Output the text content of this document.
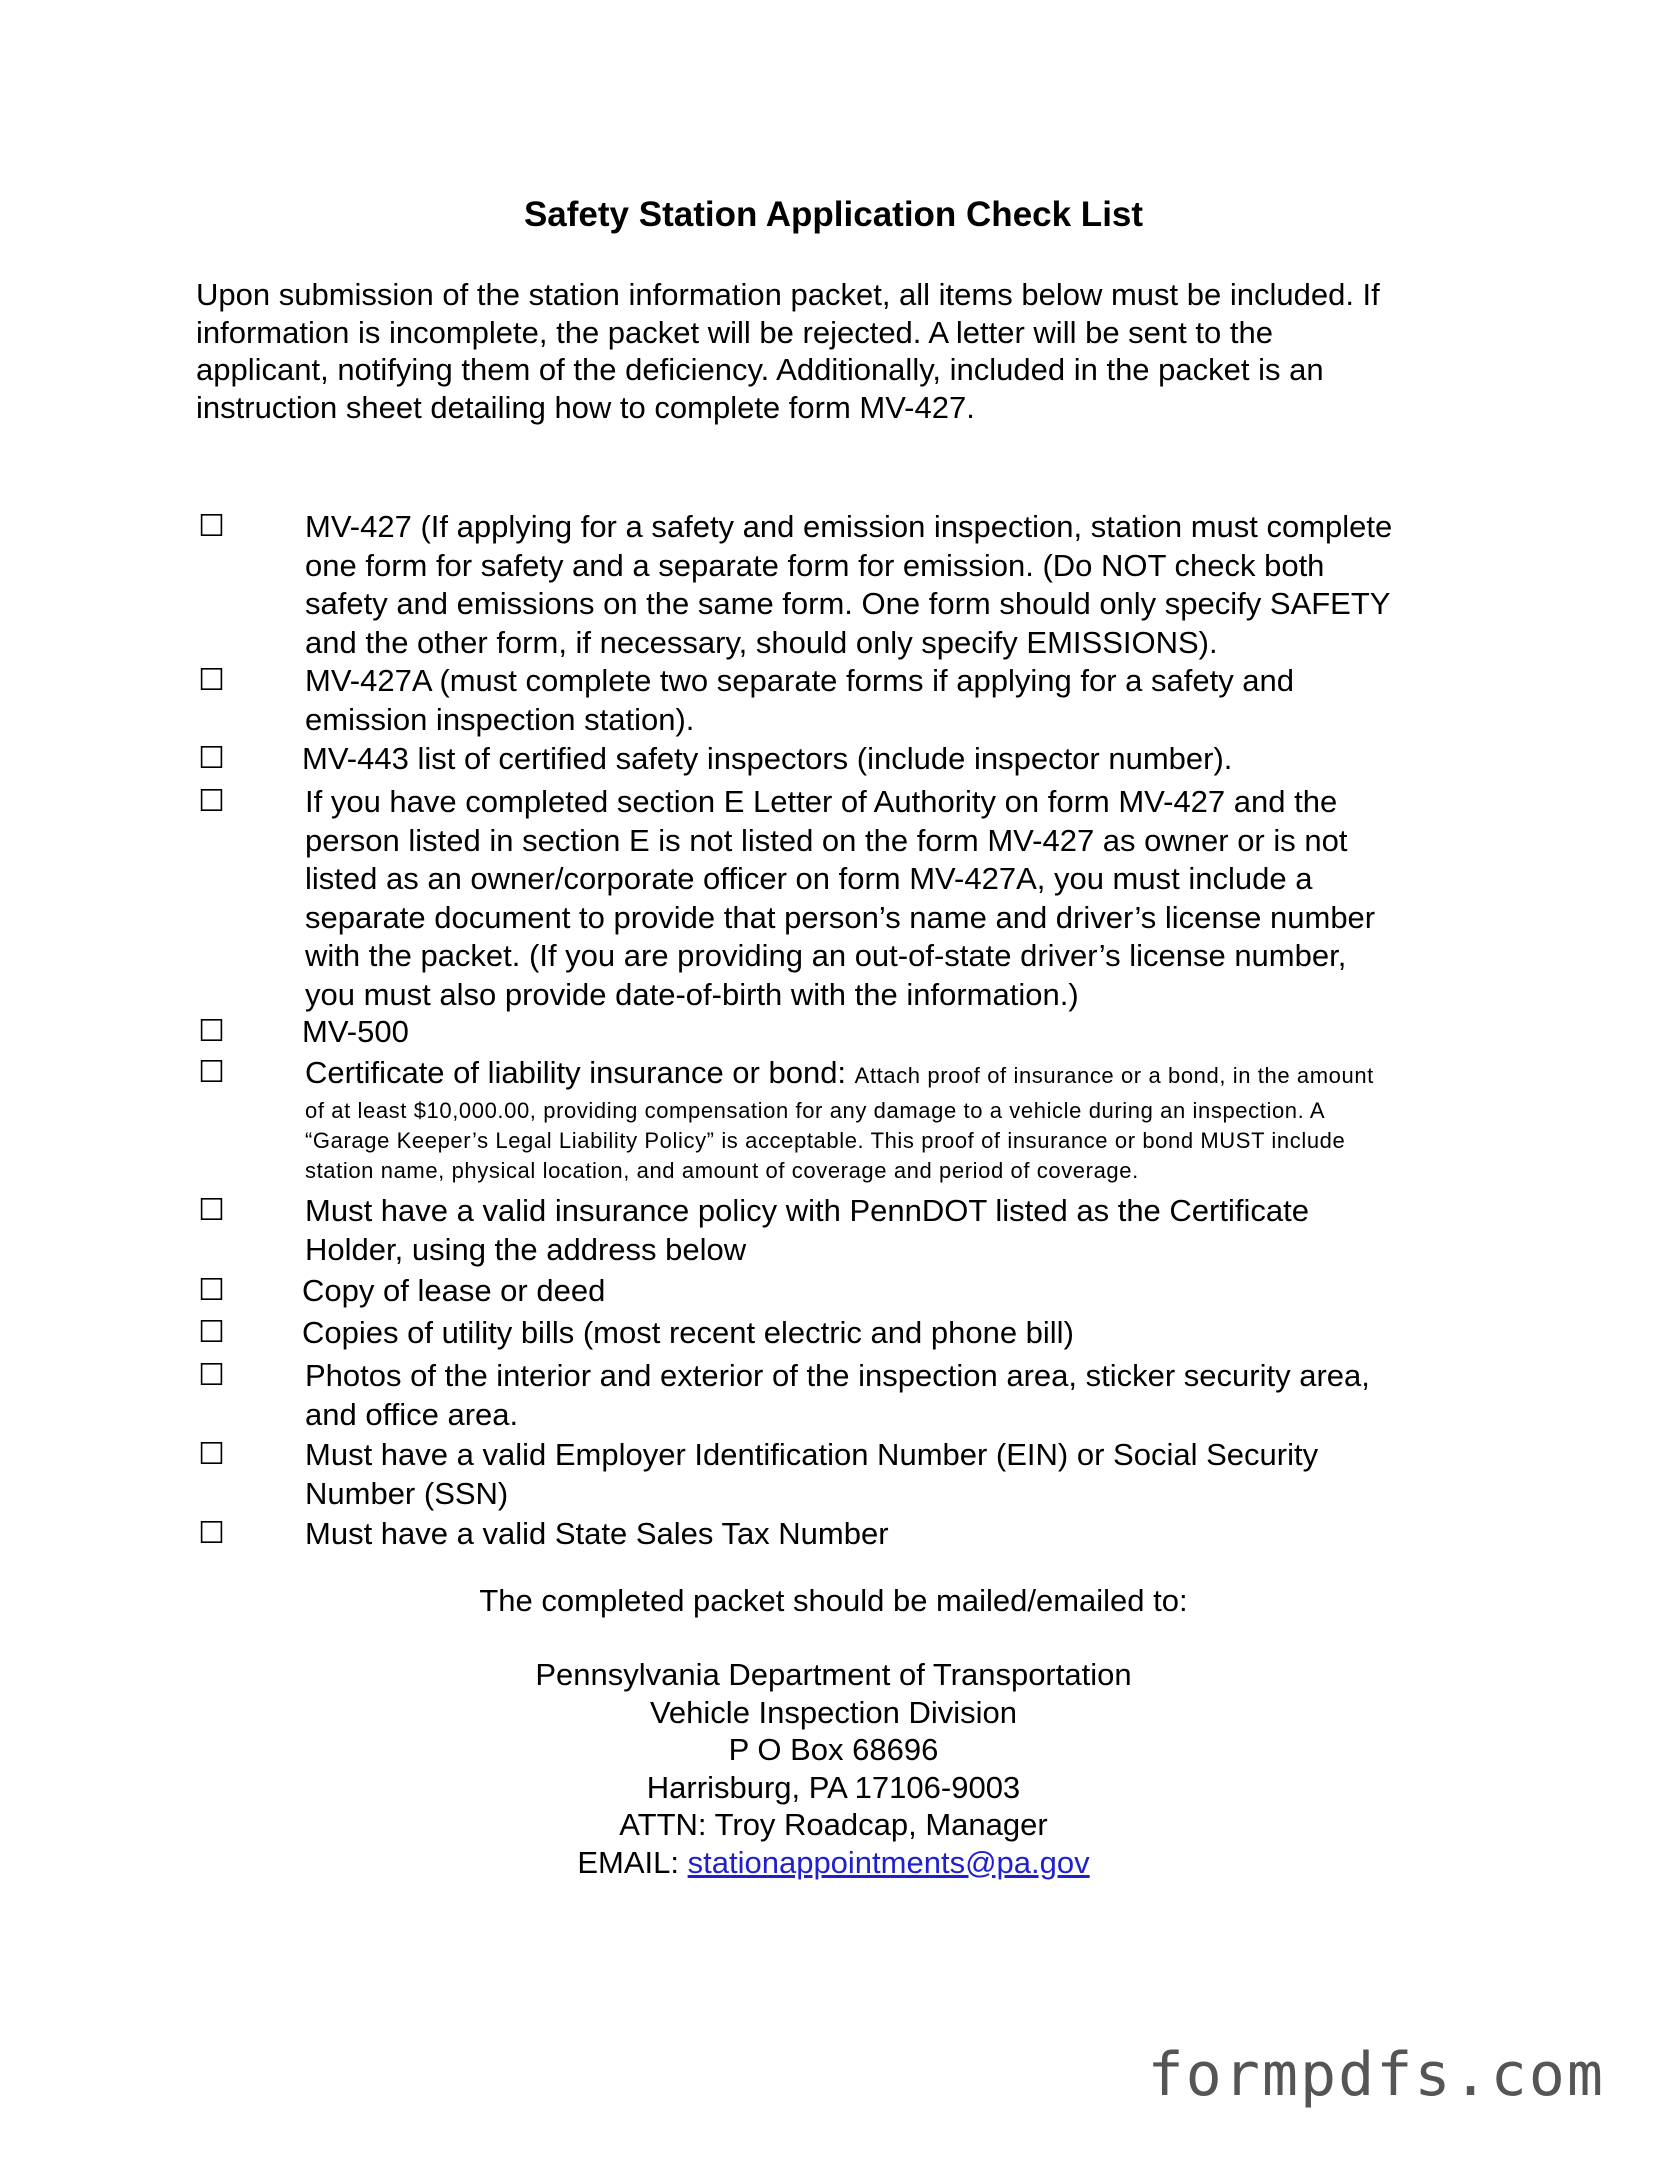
Safety Station Application Check List
Upon submission of the station information packet, all items below must be included. If
information is incomplete, the packet will be rejected. A letter will be sent to the
applicant, notifying them of the deficiency. Additionally, included in the packet is an
instruction sheet detailing how to complete form MV-427.
☐	MV-427 (If applying for a safety and emission inspection, station must complete
one form for safety and a separate form for emission. (Do NOT check both
safety and emissions on the same form. One form should only specify SAFETY
and the other form, if necessary, should only specify EMISSIONS).
☐	MV-427A (must complete two separate forms if applying for a safety and
emission inspection station).
☐ MV-443 list of certified safety inspectors (include inspector number).
☐	If you have completed section E Letter of Authority on form MV-427 and the
person listed in section E is not listed on the form MV-427 as owner or is not
listed as an owner/corporate officer on form MV-427A, you must include a
separate document to provide that person’s name and driver’s license number
with the packet. (If you are providing an out-of-state driver’s license number,
you must also provide date-of-birth with the information.)
☐ MV-500
☐	Certificate of liability insurance or bond: Attach proof of insurance or a bond, in the amount
of at least $10,000.00, providing compensation for any damage to a vehicle during an inspection. A
“Garage Keeper’s Legal Liability Policy” is acceptable. This proof of insurance or bond MUST include
station name, physical location, and amount of coverage and period of coverage.
☐	Must have a valid insurance policy with PennDOT listed as the Certificate
Holder, using the address below
☐ Copy of lease or deed
☐ Copies of utility bills (most recent electric and phone bill)
☐	Photos of the interior and exterior of the inspection area, sticker security area,
and office area.
☐	Must have a valid Employer Identification Number (EIN) or Social Security
Number (SSN)
☐	Must have a valid State Sales Tax Number
The completed packet should be mailed/emailed to:
Pennsylvania Department of Transportation
Vehicle Inspection Division
P O Box 68696
Harrisburg, PA 17106-9003
ATTN: Troy Roadcap, Manager
EMAIL: stationappointments@pa.gov
formpdfs.com
